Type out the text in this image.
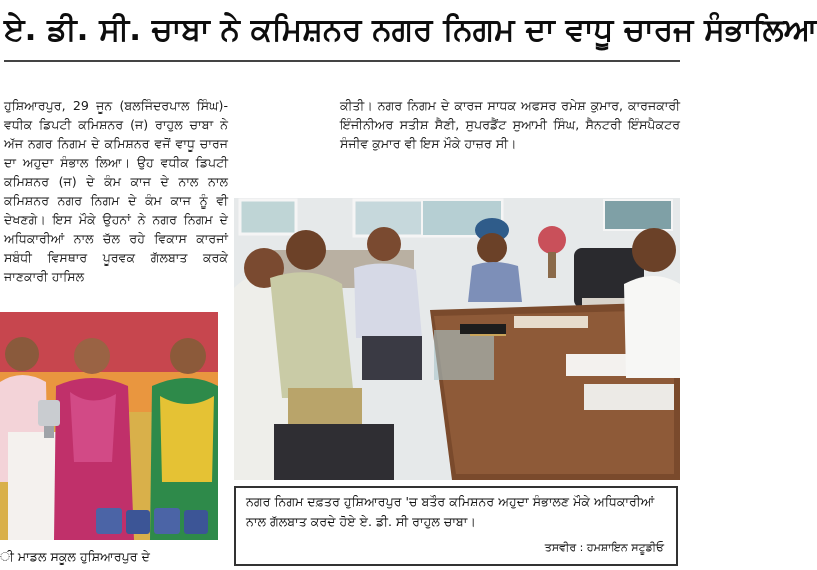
ਏ. ਡੀ. ਸੀ. ਚਾਬਾ ਨੇ ਕਮਿਸ਼ਨਰ ਨਗਰ ਨਿਗਮ ਦਾ ਵਾਧੂ ਚਾਰਜ ਸੰਭਾਲਿਆ
ਹੁਸ਼ਿਆਰਪੁਰ, 29 ਜੂਨ (ਬਲਜਿੰਦਰਪਾਲ ਸਿੰਘ)-ਵਧੀਕ ਡਿਪਟੀ ਕਮਿਸ਼ਨਰ (ਜ) ਰਾਹੁਲ ਚਾਬਾ ਨੇ ਅੱਜ ਨਗਰ ਨਿਗਮ ਦੇ ਕਮਿਸ਼ਨਰ ਵਜੋਂ ਵਾਧੂ ਚਾਰਜ ਦਾ ਅਹੁਦਾ ਸੰਭਾਲ ਲਿਆ। ਉਹ ਵਧੀਕ ਡਿਪਟੀ ਕਮਿਸ਼ਨਰ (ਜ) ਦੇ ਕੰਮ ਕਾਜ ਦੇ ਨਾਲ ਨਾਲ ਕਮਿਸ਼ਨਰ ਨਗਰ ਨਿਗਮ ਦੇ ਕੰਮ ਕਾਜ ਨੂੰ ਵੀ ਦੇਖਣਗੇ। ਇਸ ਮੌਕੇ ਉਹਨਾਂ ਨੇ ਨਗਰ ਨਿਗਮ ਦੇ ਅਧਿਕਾਰੀਆਂ ਨਾਲ ਚੱਲ ਰਹੇ ਵਿਕਾਸ ਕਾਰਜਾਂ ਸਬੰਧੀ ਵਿਸਥਾਰ ਪੂਰਵਕ ਗੱਲਬਾਤ ਕਰਕੇ ਜਾਣਕਾਰੀ ਹਾਸਿਲ
ਕੀਤੀ। ਨਗਰ ਨਿਗਮ ਦੇ ਕਾਰਜ ਸਾਧਕ ਅਫਸਰ ਰਮੇਸ਼ ਕੁਮਾਰ, ਕਾਰਜਕਾਰੀ ਇੰਜੀਨੀਅਰ ਸਤੀਸ਼ ਸੈਣੀ, ਸੁਪਰਡੈਂਟ ਸੁਆਮੀ ਸਿੰਘ, ਸੈਨਟਰੀ ਇੰਸਪੈਕਟਰ ਸੰਜੀਵ ਕੁਮਾਰ ਵੀ ਇਸ ਮੌਕੇ ਹਾਜ਼ਰ ਸੀ।
ਨਗਰ ਨਿਗਮ ਦਫ਼ਤਰ ਹੁਸ਼ਿਆਰਪੁਰ 'ਚ ਬਤੌਰ ਕਮਿਸ਼ਨਰ ਅਹੁਦਾ ਸੰਭਾਲਣ ਮੌਕੇ ਅਧਿਕਾਰੀਆਂ ਨਾਲ ਗੱਲਬਾਤ ਕਰਦੇ ਹੋਏ ਏ. ਡੀ. ਸੀ ਰਾਹੁਲ ਚਾਬਾ।
ਤਸਵੀਰ : ਹਮਸ਼ਾਇਨ ਸਟੂਡੀਓ
ੀ ਮਾਡਲ ਸਕੂਲ ਹੁਸ਼ਿਆਰਪੁਰ ਦੇ
